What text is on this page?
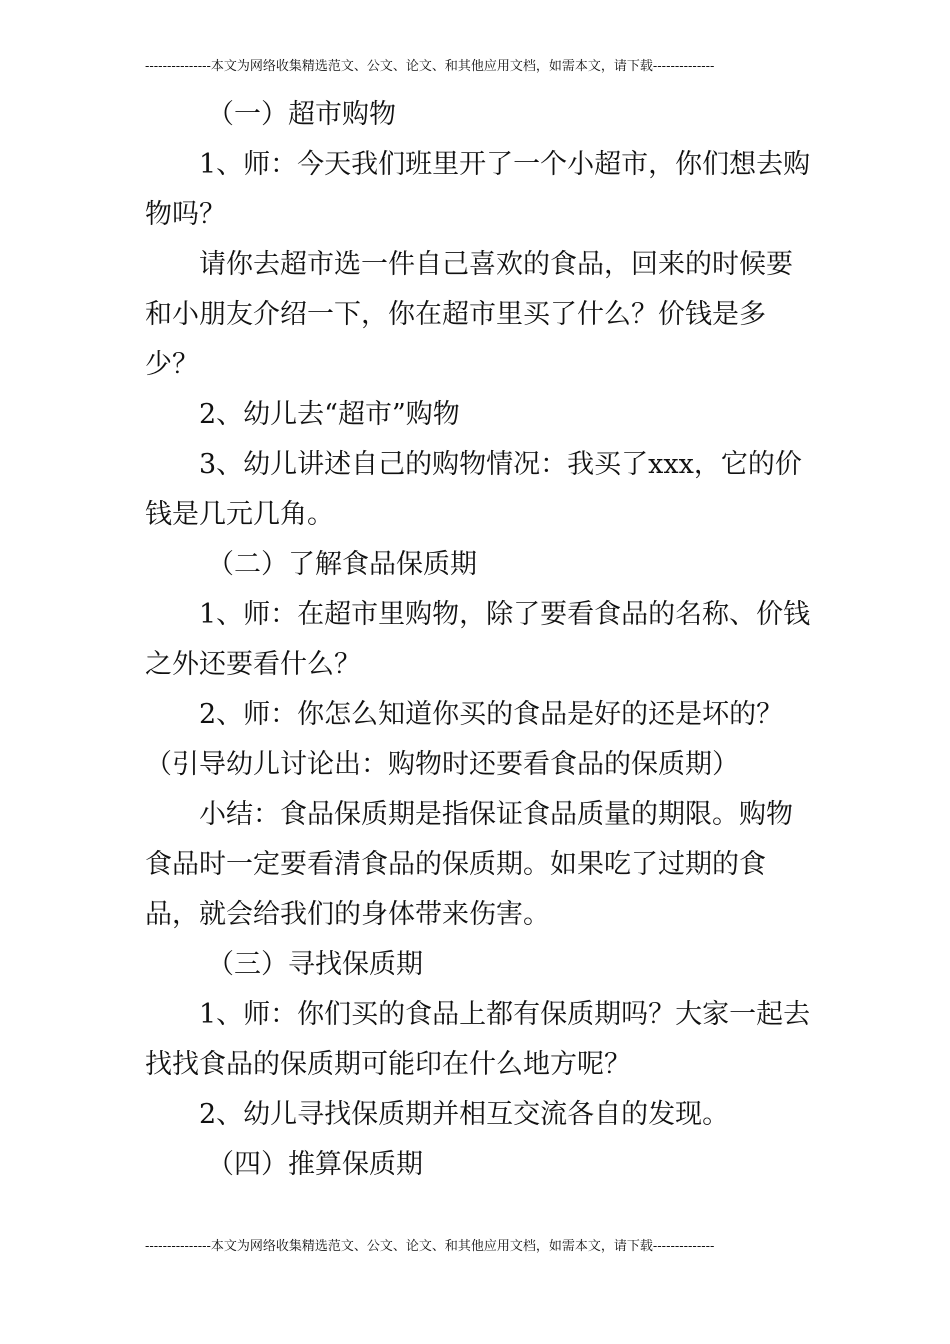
---------------本文为网络收集精选范文、公文、论文、和其他应用文档，如需本文，请下载--------------

（一）超市购物

1、师：今天我们班里开了一个小超市，你们想去购物吗？

请你去超市选一件自己喜欢的食品，回来的时候要和小朋友介绍一下，你在超市里买了什么？价钱是多少？

2、幼儿去“超市”购物

3、幼儿讲述自己的购物情况：我买了xxx，它的价钱是几元几角。

（二）了解食品保质期

1、师：在超市里购物，除了要看食品的名称、价钱之外还要看什么？

2、师：你怎么知道你买的食品是好的还是坏的？

（引导幼儿讨论出：购物时还要看食品的保质期）

小结：食品保质期是指保证食品质量的期限。购物食品时一定要看清食品的保质期。如果吃了过期的食品，就会给我们的身体带来伤害。

（三）寻找保质期

1、师：你们买的食品上都有保质期吗？大家一起去找找食品的保质期可能印在什么地方呢？

2、幼儿寻找保质期并相互交流各自的发现。

（四）推算保质期

---------------本文为网络收集精选范文、公文、论文、和其他应用文档，如需本文，请下载--------------
